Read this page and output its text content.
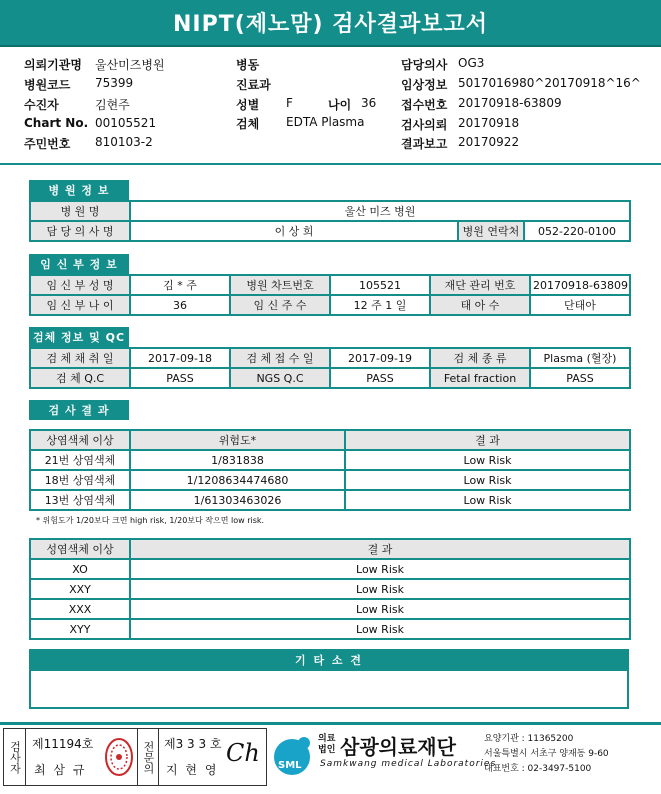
NIPT(제노맘) 검사결과보고서
의뢰기관명 울산미즈병원
병원코드 75399
수진자	김현주
Chart No. 00105521
주민번호 810103-2
병동
진료과
성별 F	나이 36
검체 EDTA Plasma
담당의사 OG3
임상정보 5017016980^20170918^16^
접수번호 20170918-63809
검사의뢰 20170918
결과보고 20170922
병 원 정 보
병 원 명	울산 미즈 병원		
담 당 의 사 명	이 상 희	병원 연락처	052-220-0100
임 신 부 정 보
임 신 부 성 명	김 * 주	병원 차트번호	105521	재단 관리 번호	20170918-63809
임 신 부 나 이	36	임 신 주 수	12 주 1 일	태 아 수	단태아
검체 정보 및 QC
검 체 채 취 일	2017-09-18	검 체 접 수 일	2017-09-19	검 체 종 류	Plasma (혈장)
검 체 Q.C	PASS	NGS Q.C	PASS	Fetal fraction	PASS
검 사 결 과
상염색체 이상	위험도*	결 과
21번 상염색체	1/831838	Low Risk
18번 상염색체	1/1208634474680	Low Risk
13번 상염색체	1/61303463026	Low Risk
* 위험도가 1/20보다 크면 high risk, 1/20보다 작으면 low risk.
성염색체 이상	결 과
XO	Low Risk
XXY	Low Risk
XXX	Low Risk
XYY	Low Risk
기 타 소 견
검사자 제11194호
최 삼 규	전문의 제3 3 3 호
지 현 영
Ch SML
의료 법인 삼광의료재단
Samkwang medical Laboratories
요양기관 : 11365200
서울특별시 서초구 양재동 9-60
대표번호 : 02-3497-5100
